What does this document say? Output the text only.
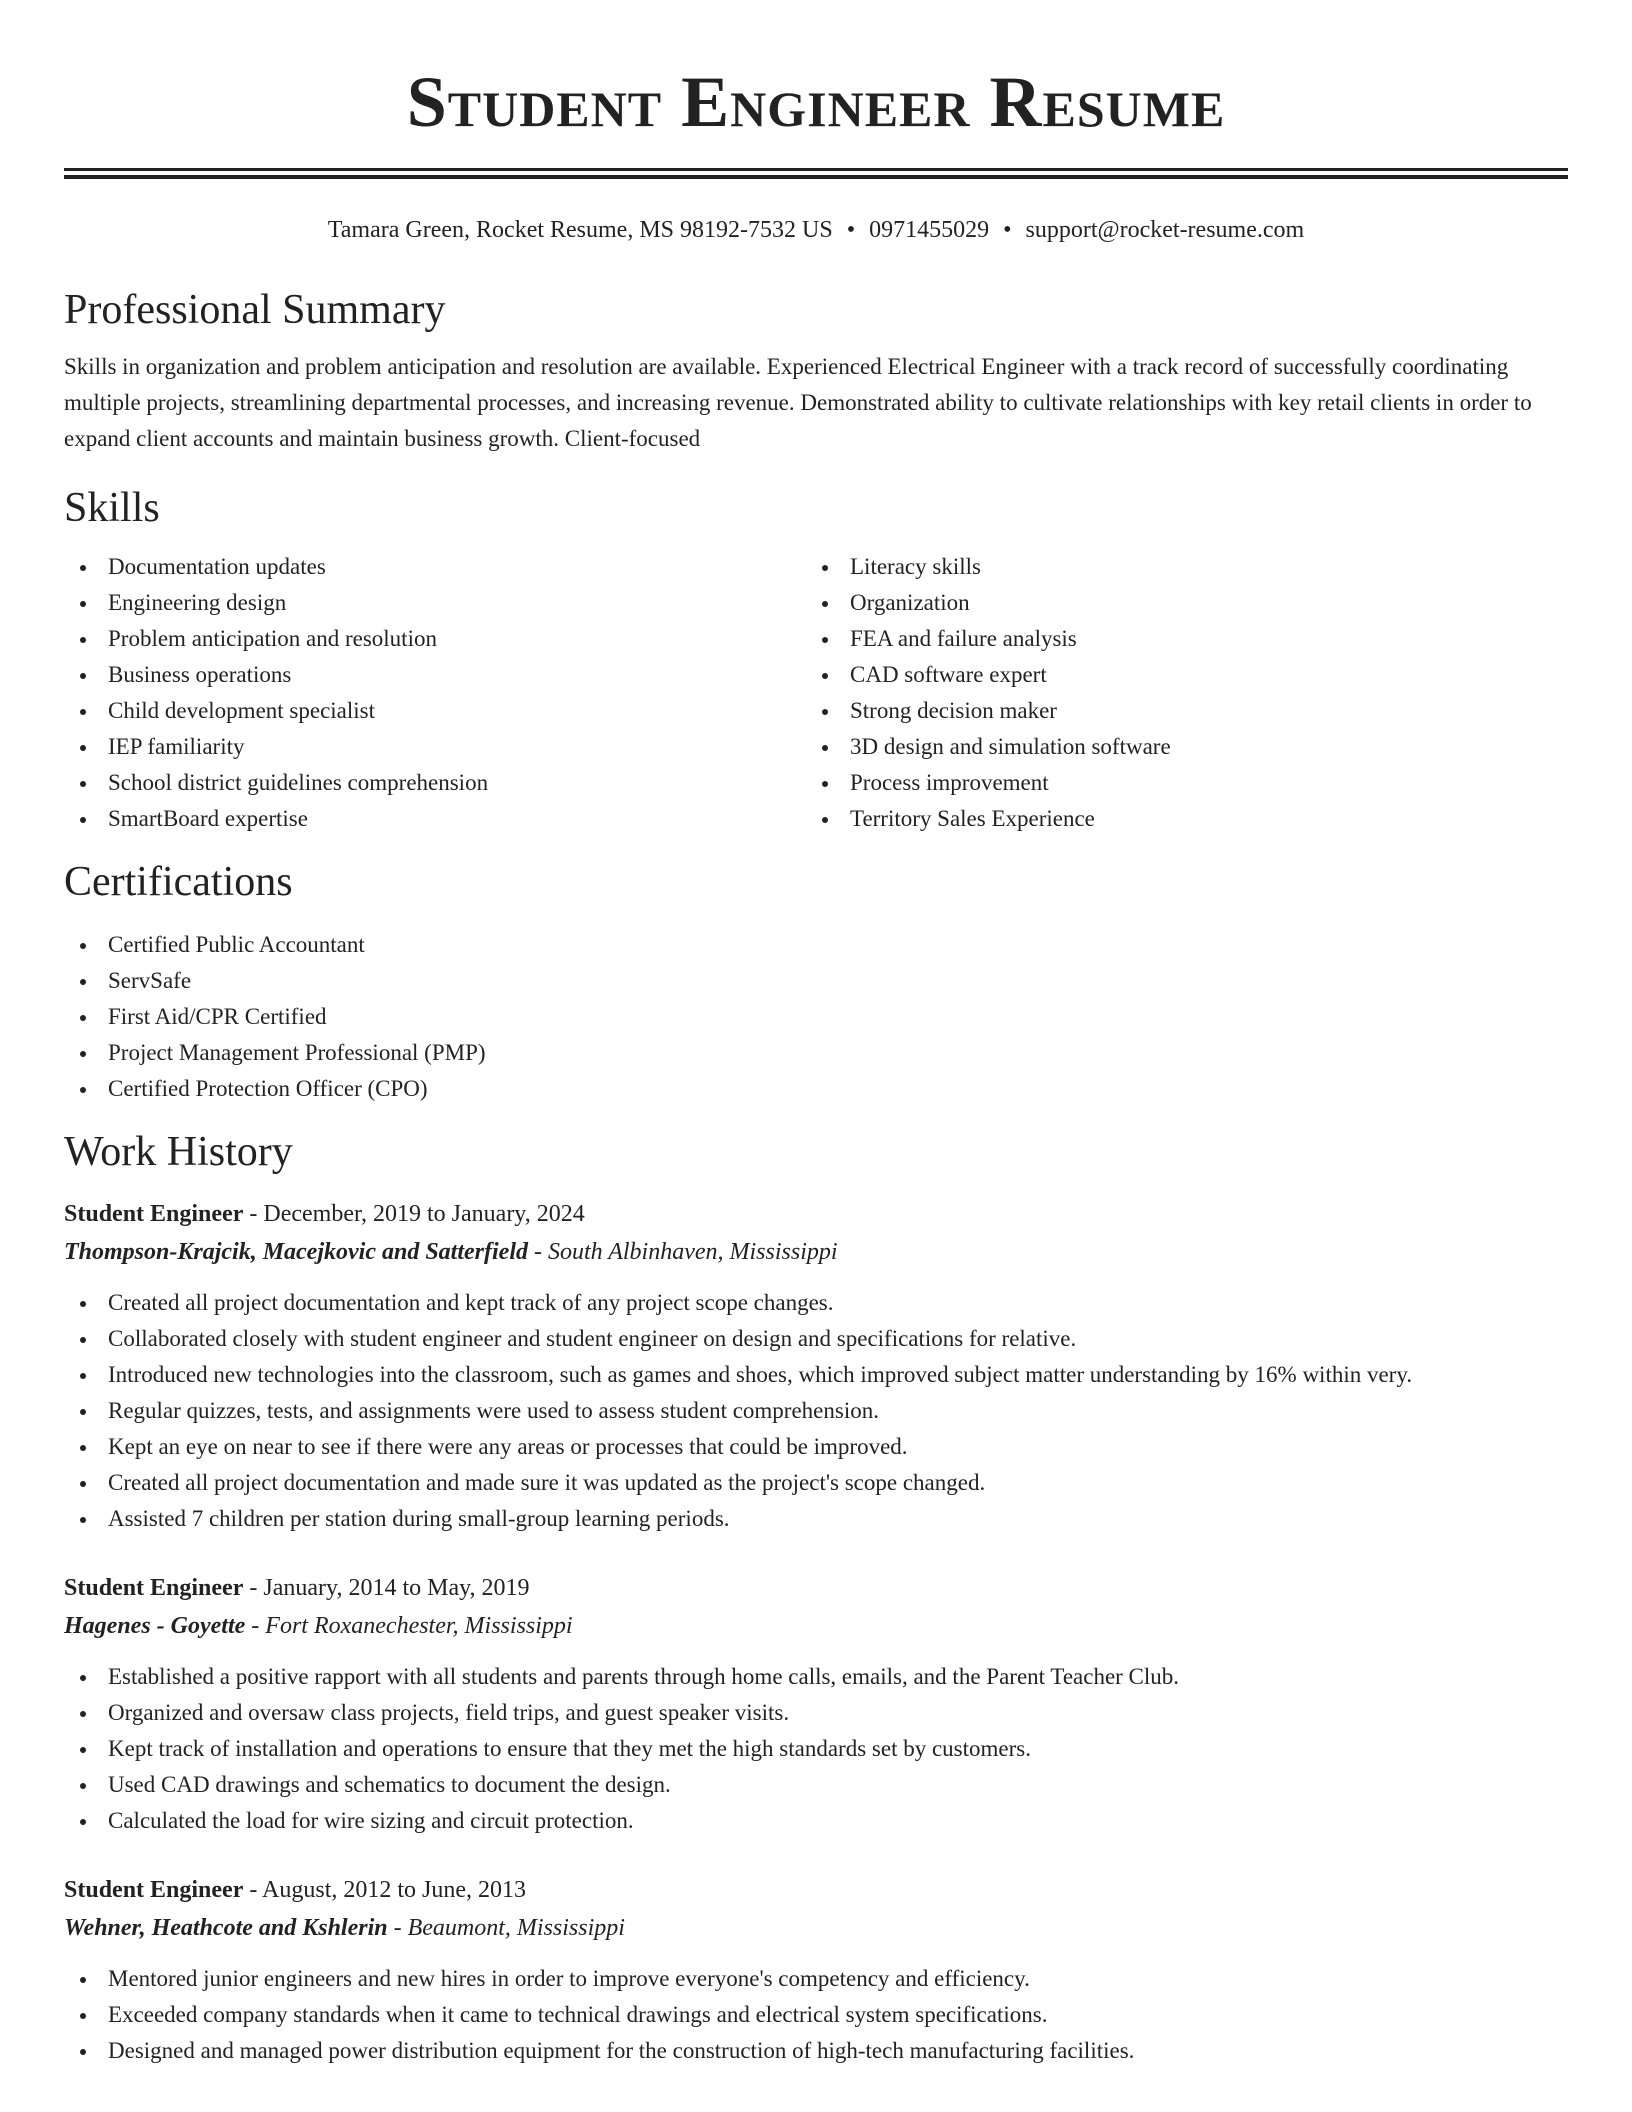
Student Engineer Resume
Tamara Green, Rocket Resume, MS 98192-7532 US • 0971455029 • support@rocket-resume.com
Professional Summary

Skills in organization and problem anticipation and resolution are available. Experienced Electrical Engineer with a track record of successfully coordinating multiple projects, streamlining departmental processes, and increasing revenue. Demonstrated ability to cultivate relationships with key retail clients in order to expand client accounts and maintain business growth. Client-focused

Skills
Documentation updates
Engineering design
Problem anticipation and resolution
Business operations
Child development specialist
IEP familiarity
School district guidelines comprehension
SmartBoard expertise
Literacy skills
Organization
FEA and failure analysis
CAD software expert
Strong decision maker
3D design and simulation software
Process improvement
Territory Sales Experience
Certifications
Certified Public Accountant
ServSafe
First Aid/CPR Certified
Project Management Professional (PMP)
Certified Protection Officer (CPO)
Work History
Student Engineer - December, 2019 to January, 2024
Thompson-Krajcik, Macejkovic and Satterfield - South Albinhaven, Mississippi
Created all project documentation and kept track of any project scope changes.
Collaborated closely with student engineer and student engineer on design and specifications for relative.
Introduced new technologies into the classroom, such as games and shoes, which improved subject matter understanding by 16% within very.
Regular quizzes, tests, and assignments were used to assess student comprehension.
Kept an eye on near to see if there were any areas or processes that could be improved.
Created all project documentation and made sure it was updated as the project's scope changed.
Assisted 7 children per station during small-group learning periods.
Student Engineer - January, 2014 to May, 2019
Hagenes - Goyette - Fort Roxanechester, Mississippi
Established a positive rapport with all students and parents through home calls, emails, and the Parent Teacher Club.
Organized and oversaw class projects, field trips, and guest speaker visits.
Kept track of installation and operations to ensure that they met the high standards set by customers.
Used CAD drawings and schematics to document the design.
Calculated the load for wire sizing and circuit protection.
Student Engineer - August, 2012 to June, 2013
Wehner, Heathcote and Kshlerin - Beaumont, Mississippi
Mentored junior engineers and new hires in order to improve everyone's competency and efficiency.
Exceeded company standards when it came to technical drawings and electrical system specifications.
Designed and managed power distribution equipment for the construction of high-tech manufacturing facilities.
